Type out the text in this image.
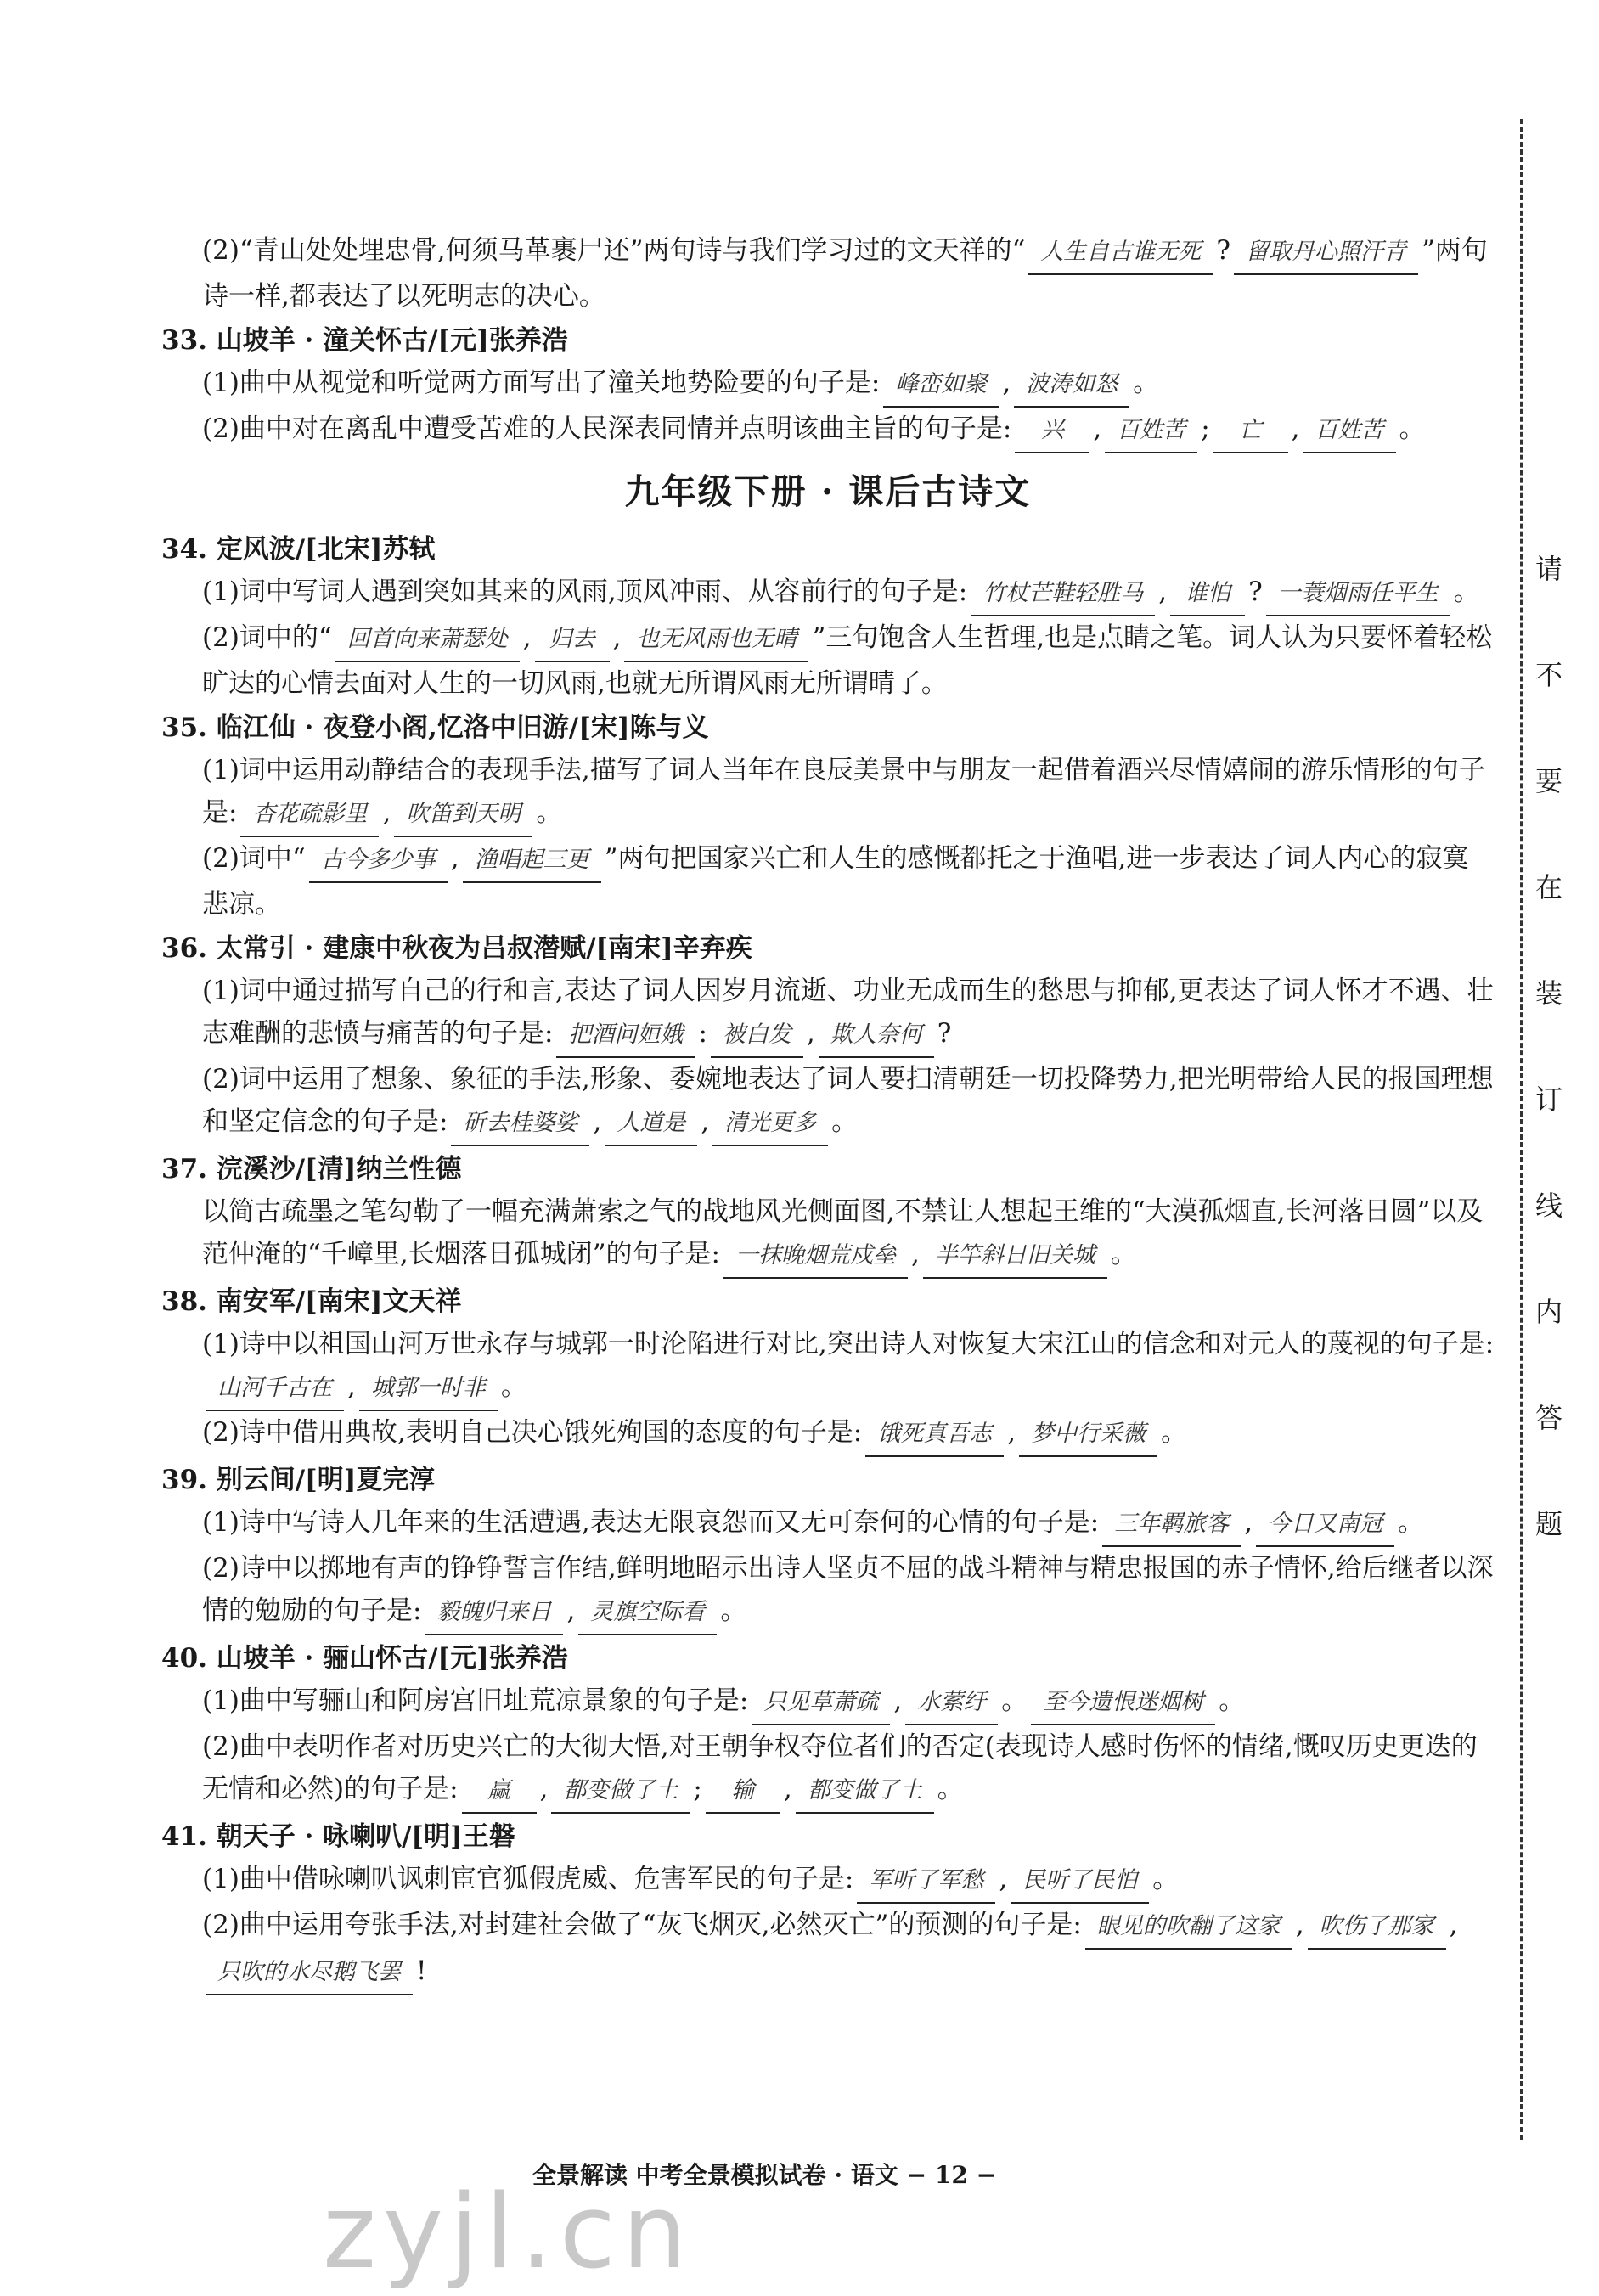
(2)“青山处处埋忠骨,何须马革裹尸还”两句诗与我们学习过的文天祥的“ 人生自古谁无死 ? 留取丹心照汗青 ”两句诗一样,都表达了以死明志的决心。
33. 山坡羊 · 潼关怀古/[元]张养浩
(1)曲中从视觉和听觉两方面写出了潼关地势险要的句子是: 峰峦如聚 , 波涛如怒 。
(2)曲中对在离乱中遭受苦难的人民深表同情并点明该曲主旨的句子是: 兴 , 百姓苦 ; 亡 , 百姓苦 。
九年级下册 · 课后古诗文
34. 定风波/[北宋]苏轼
(1)词中写词人遇到突如其来的风雨,顶风冲雨、从容前行的句子是: 竹杖芒鞋轻胜马 , 谁怕 ? 一蓑烟雨任平生 。
(2)词中的“ 回首向来萧瑟处 , 归去 , 也无风雨也无晴 ”三句饱含人生哲理,也是点睛之笔。词人认为只要怀着轻松旷达的心情去面对人生的一切风雨,也就无所谓风雨无所谓晴了。
35. 临江仙 · 夜登小阁,忆洛中旧游/[宋]陈与义
(1)词中运用动静结合的表现手法,描写了词人当年在良辰美景中与朋友一起借着酒兴尽情嬉闹的游乐情形的句子是: 杏花疏影里 , 吹笛到天明 。
(2)词中“ 古今多少事 , 渔唱起三更 ”两句把国家兴亡和人生的感慨都托之于渔唱,进一步表达了词人内心的寂寞悲凉。
36. 太常引 · 建康中秋夜为吕叔潜赋/[南宋]辛弃疾
(1)词中通过描写自己的行和言,表达了词人因岁月流逝、功业无成而生的愁思与抑郁,更表达了词人怀才不遇、壮志难酬的悲愤与痛苦的句子是: 把酒问姮娥 : 被白发 , 欺人奈何 ?
(2)词中运用了想象、象征的手法,形象、委婉地表达了词人要扫清朝廷一切投降势力,把光明带给人民的报国理想和坚定信念的句子是: 斫去桂婆娑 , 人道是 , 清光更多 。
37. 浣溪沙/[清]纳兰性德
以简古疏墨之笔勾勒了一幅充满萧索之气的战地风光侧面图,不禁让人想起王维的“大漠孤烟直,长河落日圆”以及范仲淹的“千嶂里,长烟落日孤城闭”的句子是: 一抹晚烟荒戍垒 , 半竿斜日旧关城 。
38. 南安军/[南宋]文天祥
(1)诗中以祖国山河万世永存与城郭一时沦陷进行对比,突出诗人对恢复大宋江山的信念和对元人的蔑视的句子是:山河千古在 , 城郭一时非 。
(2)诗中借用典故,表明自己决心饿死殉国的态度的句子是: 饿死真吾志 , 梦中行采薇 。
39. 别云间/[明]夏完淳
(1)诗中写诗人几年来的生活遭遇,表达无限哀怨而又无可奈何的心情的句子是: 三年羁旅客 , 今日又南冠 。
(2)诗中以掷地有声的铮铮誓言作结,鲜明地昭示出诗人坚贞不屈的战斗精神与精忠报国的赤子情怀,给后继者以深情的勉励的句子是: 毅魄归来日 , 灵旗空际看 。
40. 山坡羊 · 骊山怀古/[元]张养浩
(1)曲中写骊山和阿房宫旧址荒凉景象的句子是: 只见草萧疏 , 水萦纡 。 至今遗恨迷烟树 。
(2)曲中表明作者对历史兴亡的大彻大悟,对王朝争权夺位者们的否定(表现诗人感时伤怀的情绪,慨叹历史更迭的无情和必然)的句子是: 赢 , 都变做了土 ; 输 , 都变做了土 。
41. 朝天子 · 咏喇叭/[明]王磐
(1)曲中借咏喇叭讽刺宦官狐假虎威、危害军民的句子是: 军听了军愁 , 民听了民怕 。
(2)曲中运用夸张手法,对封建社会做了“灰飞烟灭,必然灭亡”的预测的句子是: 眼见的吹翻了这家 , 吹伤了那家 ,只吹的水尽鹅飞罢 !
全景解读 中考全景模拟试卷 · 语文 − 12 −
请
不
要
在
装
订
线
内
答
题
zyjl.cn
